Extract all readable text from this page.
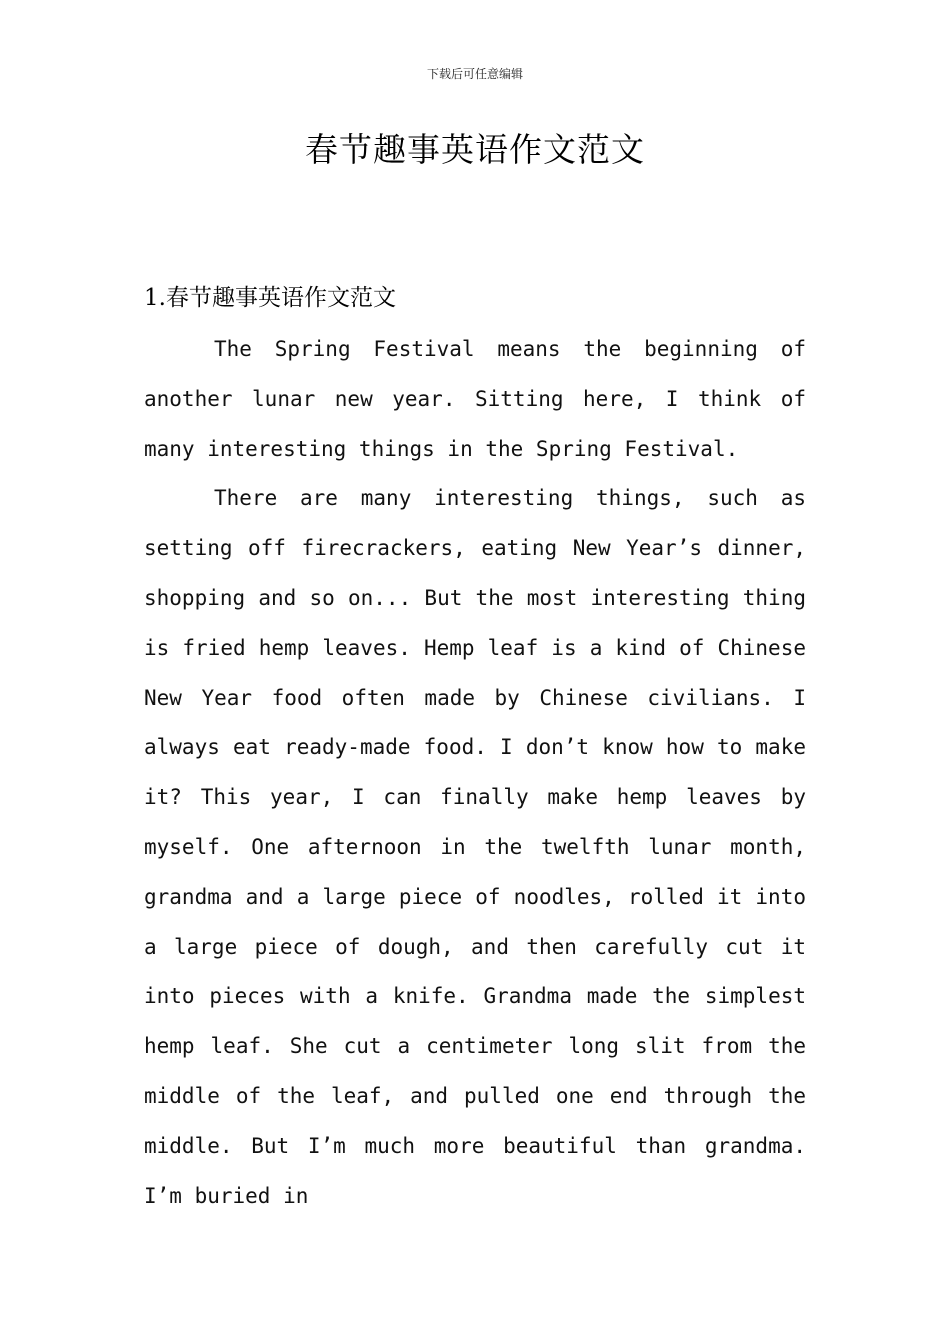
下载后可任意编辑
春节趣事英语作文范文
1.春节趣事英语作文范文

The Spring Festival means the beginning of another lunar new year. Sitting here, I think of many interesting things in the Spring Festival.

There are many interesting things, such as setting off firecrackers, eating New Year’s dinner, shopping and so on... But the most interesting thing is fried hemp leaves. Hemp leaf is a kind of Chinese New Year food often made by Chinese civilians. I always eat ready-made food. I don’t know how to make it? This year, I can finally make hemp leaves by myself. One afternoon in the twelfth lunar month, grandma and a large piece of noodles, rolled it into a large piece of dough, and then carefully cut it into pieces with a knife. Grandma made the simplest hemp leaf. She cut a centimeter long slit from the middle of the leaf, and pulled one end through the middle. But I’m much more beautiful than grandma. I’m buried in
